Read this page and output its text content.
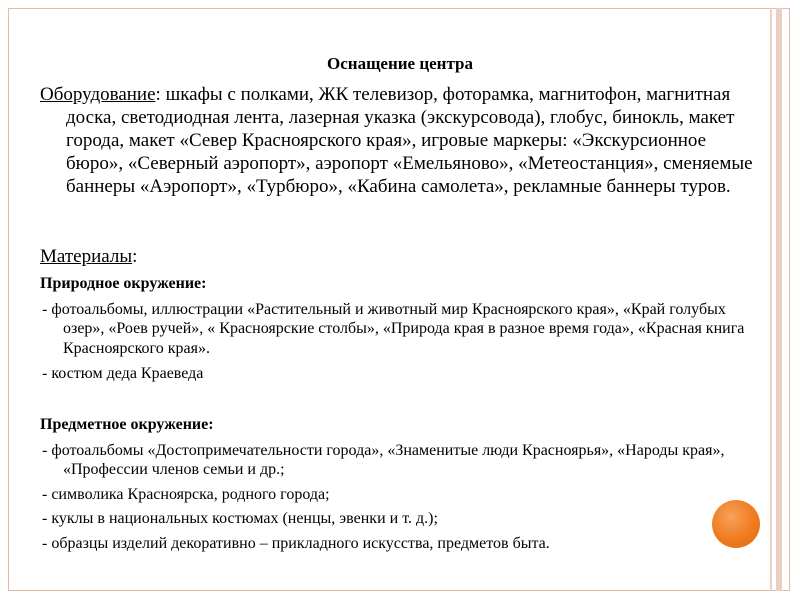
Оснащение центра
Оборудование: шкафы с полками, ЖК телевизор, фоторамка, магнитофон, магнитная доска, светодиодная лента, лазерная указка (экскурсовода), глобус, бинокль, макет города, макет «Север Красноярского края», игровые маркеры: «Экскурсионное бюро», «Северный аэропорт», аэропорт «Емельяново», «Метеостанция», сменяемые баннеры «Аэропорт», «Турбюро», «Кабина самолета», рекламные баннеры туров.
Материалы:
Природное окружение:
- фотоальбомы, иллюстрации «Растительный и животный мир Красноярского края», «Край голубых озер», «Роев ручей», « Красноярские столбы», «Природа края в разное время года», «Красная книга Красноярского края».
- костюм деда Краеведа
Предметное окружение:
- фотоальбомы «Достопримечательности города», «Знаменитые люди Красноярья», «Народы края», «Профессии членов семьи и др.;
- символика Красноярска, родного города;
- куклы в национальных костюмах (ненцы, эвенки и т. д.);
- образцы изделий декоративно – прикладного искусства, предметов быта.
